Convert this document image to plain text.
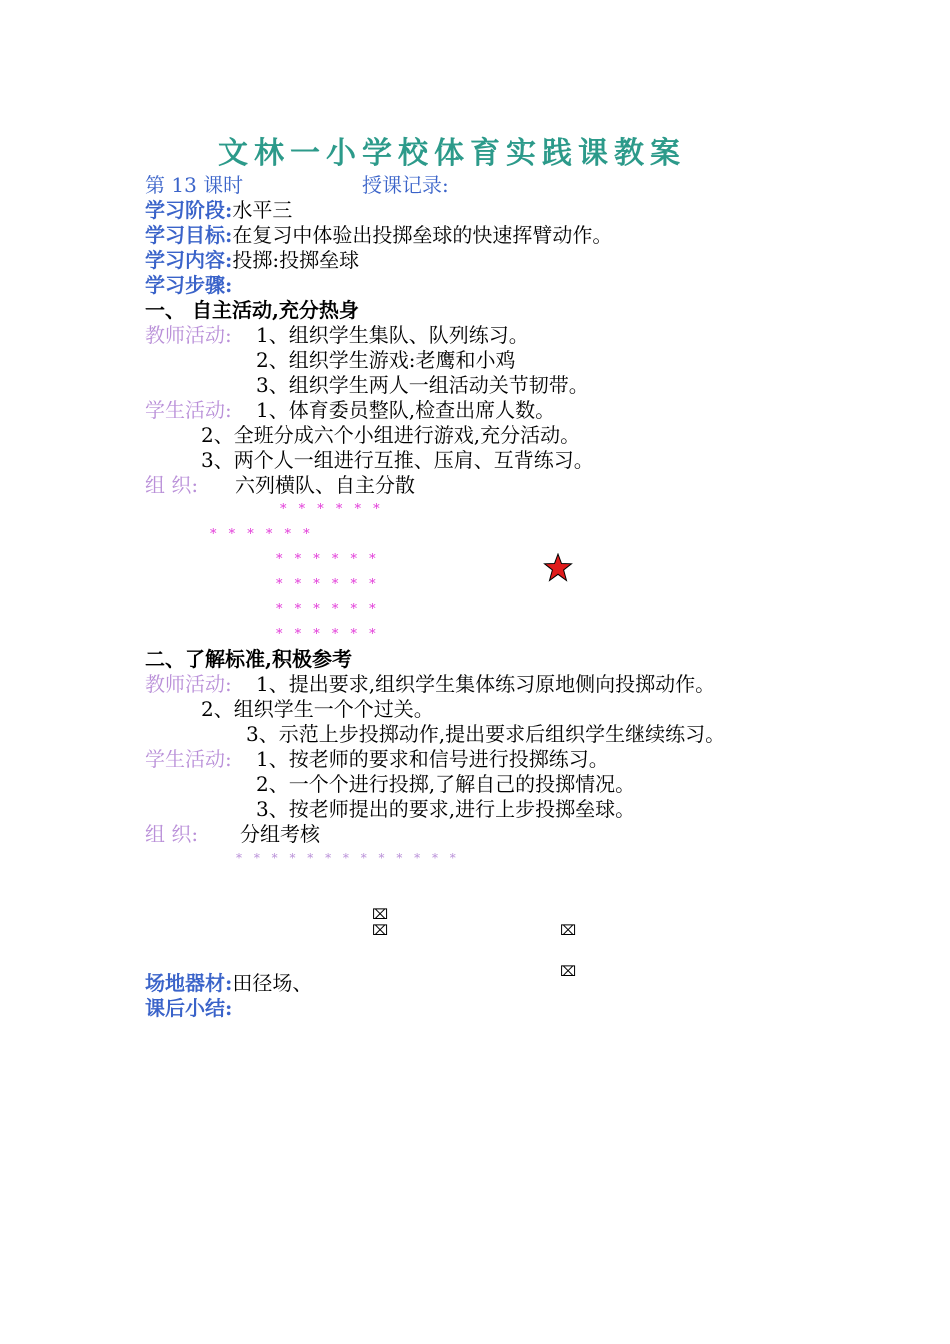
文林一小学校体育实践课教案
第 13 课时	授课记录:
学习阶段:水平三
学习目标:在复习中体验出投掷垒球的快速挥臂动作。
学习内容:投掷:投掷垒球
学习步骤:
一、 自主活动,充分热身
教师活动: 1、组织学生集队、队列练习。
2、组织学生游戏:老鹰和小鸡
3、组织学生两人一组活动关节韧带。
学生活动: 1、体育委员整队,检查出席人数。
2、全班分成六个小组进行游戏,充分活动。
3、两个人一组进行互推、压肩、互背练习。
组 织: 六列横队、自主分散
* * * * * *
* * * * * *
* * * * * *
* * * * * *
* * * * * *
* * * * * *
二、了解标准,积极参考
教师活动: 1、提出要求,组织学生集体练习原地侧向投掷动作。
2、组织学生一个个过关。
3、示范上步投掷动作,提出要求后组织学生继续练习。
学生活动: 1、按老师的要求和信号进行投掷练习。
2、一个个进行投掷,了解自己的投掷情况。
3、按老师提出的要求,进行上步投掷垒球。
组 织: 分组考核
* * * * * * * * * * * * *
⌧
⌧	⌧
⌧
场地器材:田径场、
课后小结:
